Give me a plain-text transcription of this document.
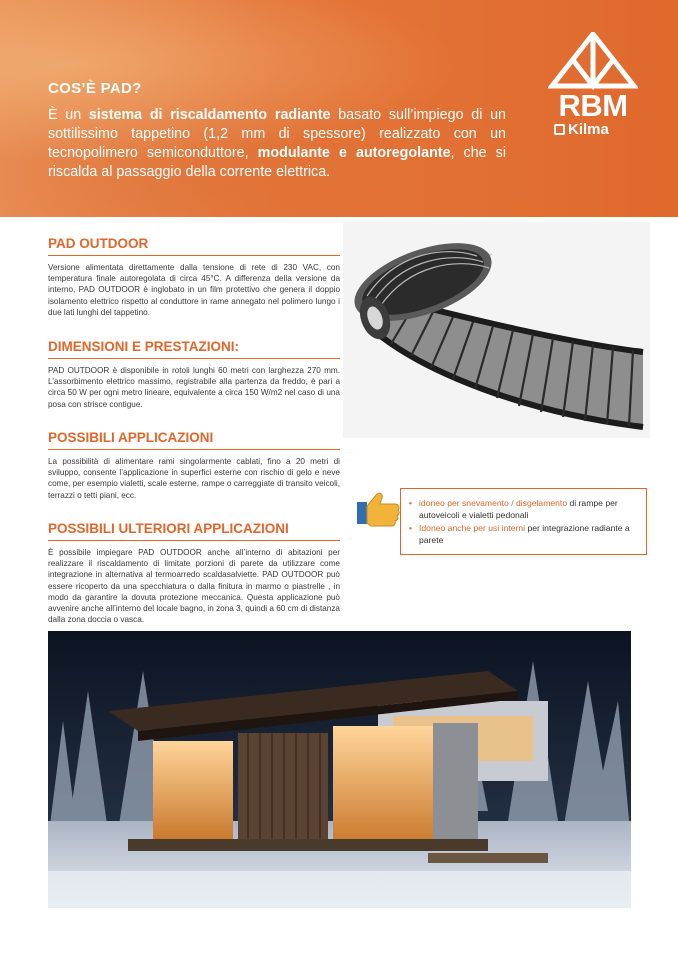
COS’È PAD?
È un sistema di riscaldamento radiante basato sull’impiego di un sottilissimo tappetino (1,2 mm di spessore) realizzato con un tecnopolimero semiconduttore, modulante e autoregolante, che si riscalda al passaggio della corrente elettrica.
RBM
Kilma
PAD OUTDOOR
Versione alimentata direttamente dalla tensione di rete di 230 VAC, con temperatura finale autoregolata di circa 45°C. A differenza della versione da interno, PAD OUTDOOR è inglobato in un film protettivo che genera il doppio isolamento elettrico rispetto al conduttore in rame annegato nel polimero lungo i due lati lunghi del tappetino.
DIMENSIONI E PRESTAZIONI:
PAD OUTDOOR è disponibile in rotoli lunghi 60 metri con larghezza 270 mm. L’assorbimento elettrico massimo, registrabile alla partenza da freddo, è pari a circa 50 W per ogni metro lineare, equivalente a circa 150 W/m2 nel caso di una posa con strisce contigue.
POSSIBILI APPLICAZIONI
La possibilità di alimentare rami singolarmente cablati, fino a 20 metri di sviluppo, consente l’applicazione in superfici esterne con rischio di gelo e neve come, per esempio vialetti, scale esterne, rampe o carreggiate di transito veicoli, terrazzi o tetti piani, ecc.
POSSIBILI ULTERIORI APPLICAZIONI
È possibile impiegare PAD OUTDOOR anche all’interno di abitazioni per realizzare il riscaldamento di limitate porzioni di parete da utilizzare come integrazione in alternativa al termoarredo scaldasalviette. PAD OUTDOOR può essere ricoperto da una specchiatura o dalla finitura in marmo o piastrelle , in modo da garantire la dovuta protezione meccanica. Questa applicazione può avvenire anche all’interno del locale bagno, in zona 3, quindi a 60 cm di distanza dalla zona doccia o vasca.
• idoneo per snevamento / disgelamento di rampe per autoveicoli e vialetti pedonali
• Idoneo anche per usi interni per integrazione radiante a parete
